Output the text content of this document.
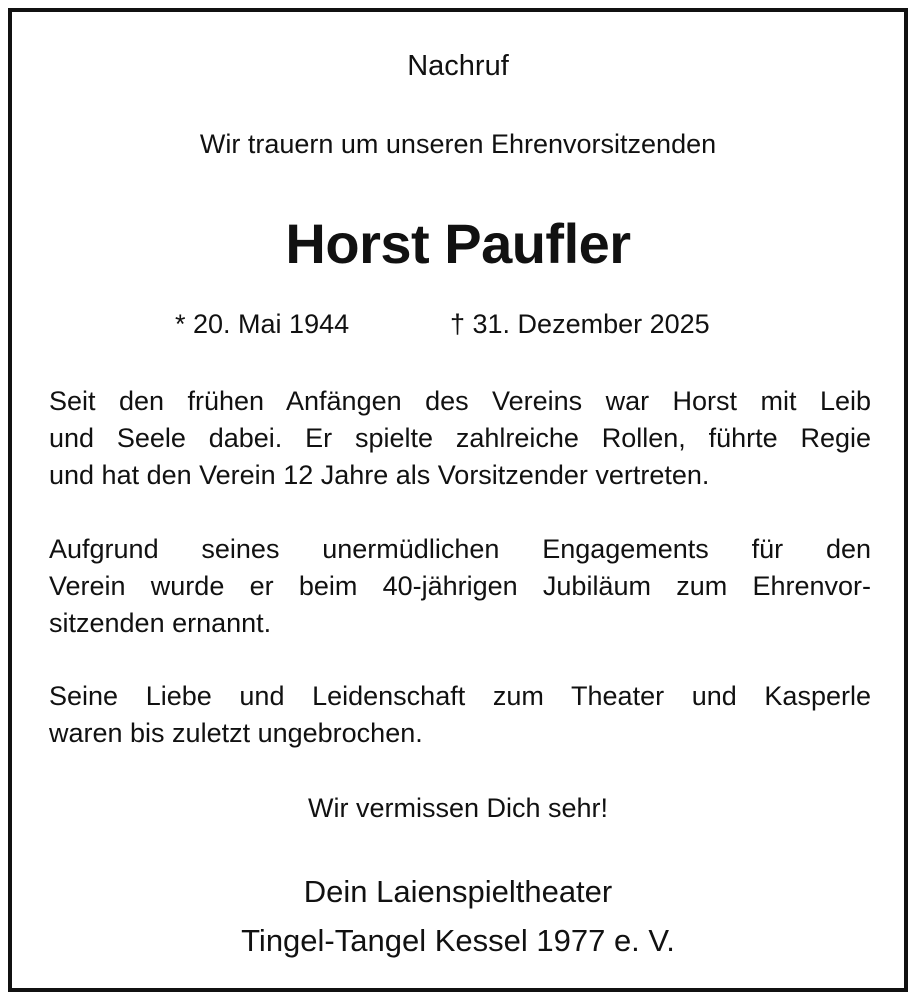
Nachruf
Wir trauern um unseren Ehrenvorsitzenden
Horst Paufler
* 20. Mai 1944	† 31. Dezember 2025
Seit den frühen Anfängen des Vereins war Horst mit Leib
und Seele dabei. Er spielte zahlreiche Rollen, führte Regie
und hat den Verein 12 Jahre als Vorsitzender vertreten.
Aufgrund seines unermüdlichen Engagements für den
Verein wurde er beim 40-jährigen Jubiläum zum Ehrenvor-
sitzenden ernannt.
Seine Liebe und Leidenschaft zum Theater und Kasperle
waren bis zuletzt ungebrochen.
Wir vermissen Dich sehr!
Dein Laienspieltheater
Tingel-Tangel Kessel 1977 e. V.
